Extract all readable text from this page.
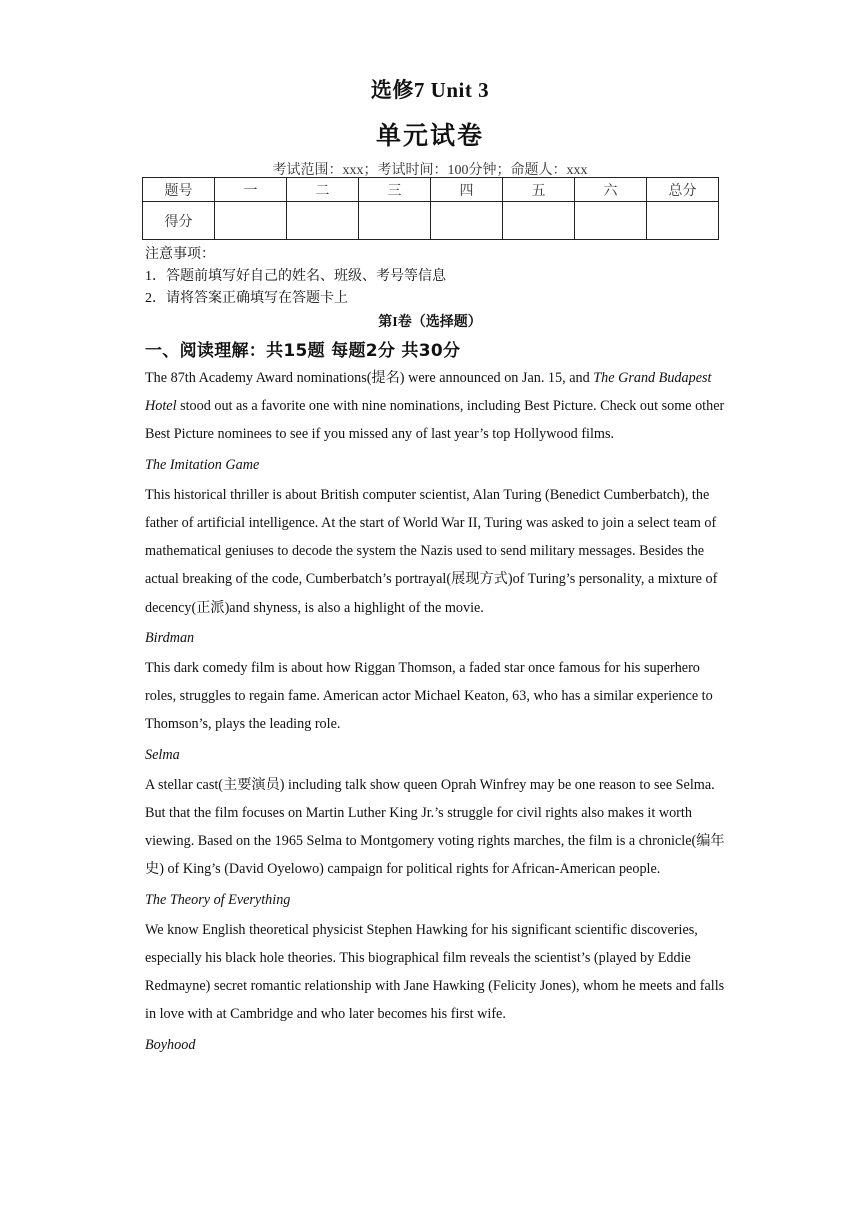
选修7 Unit 3
单元试卷
考试范围：xxx；考试时间：100分钟；命题人：xxx
题号	一	二	三	四	五	六	总分
得分							
注意事项：
1．答题前填写好自己的姓名、班级、考号等信息
2．请将答案正确填写在答题卡上
第I卷（选择题）
一、阅读理解：共15题 每题2分 共30分

The 87th Academy Award nominations(提名) were announced on Jan. 15, and The Grand Budapest Hotel stood out as a favorite one with nine nominations, including Best Picture. Check out some other Best Picture nominees to see if you missed any of last year’s top Hollywood films.

The Imitation Game

This historical thriller is about British computer scientist, Alan Turing (Benedict Cumberbatch), the father of artificial intelligence. At the start of World War II, Turing was asked to join a select team of mathematical geniuses to decode the system the Nazis used to send military messages. Besides the actual breaking of the code, Cumberbatch’s portrayal(展现方式)of Turing’s personality, a mixture of decency(正派)and shyness, is also a highlight of the movie.

Birdman

This dark comedy film is about how Riggan Thomson, a faded star once famous for his superhero roles, struggles to regain fame. American actor Michael Keaton, 63, who has a similar experience to Thomson’s, plays the leading role.

Selma

A stellar cast(主要演员) including talk show queen Oprah Winfrey may be one reason to see Selma. But that the film focuses on Martin Luther King Jr.’s struggle for civil rights also makes it worth viewing. Based on the 1965 Selma to Montgomery voting rights marches, the film is a chronicle(编年史) of King’s (David Oyelowo) campaign for political rights for African-American people.

The Theory of Everything

We know English theoretical physicist Stephen Hawking for his significant scientific discoveries, especially his black hole theories. This biographical film reveals the scientist’s (played by Eddie Redmayne) secret romantic relationship with Jane Hawking (Felicity Jones), whom he meets and falls in love with at Cambridge and who later becomes his first wife.

Boyhood
